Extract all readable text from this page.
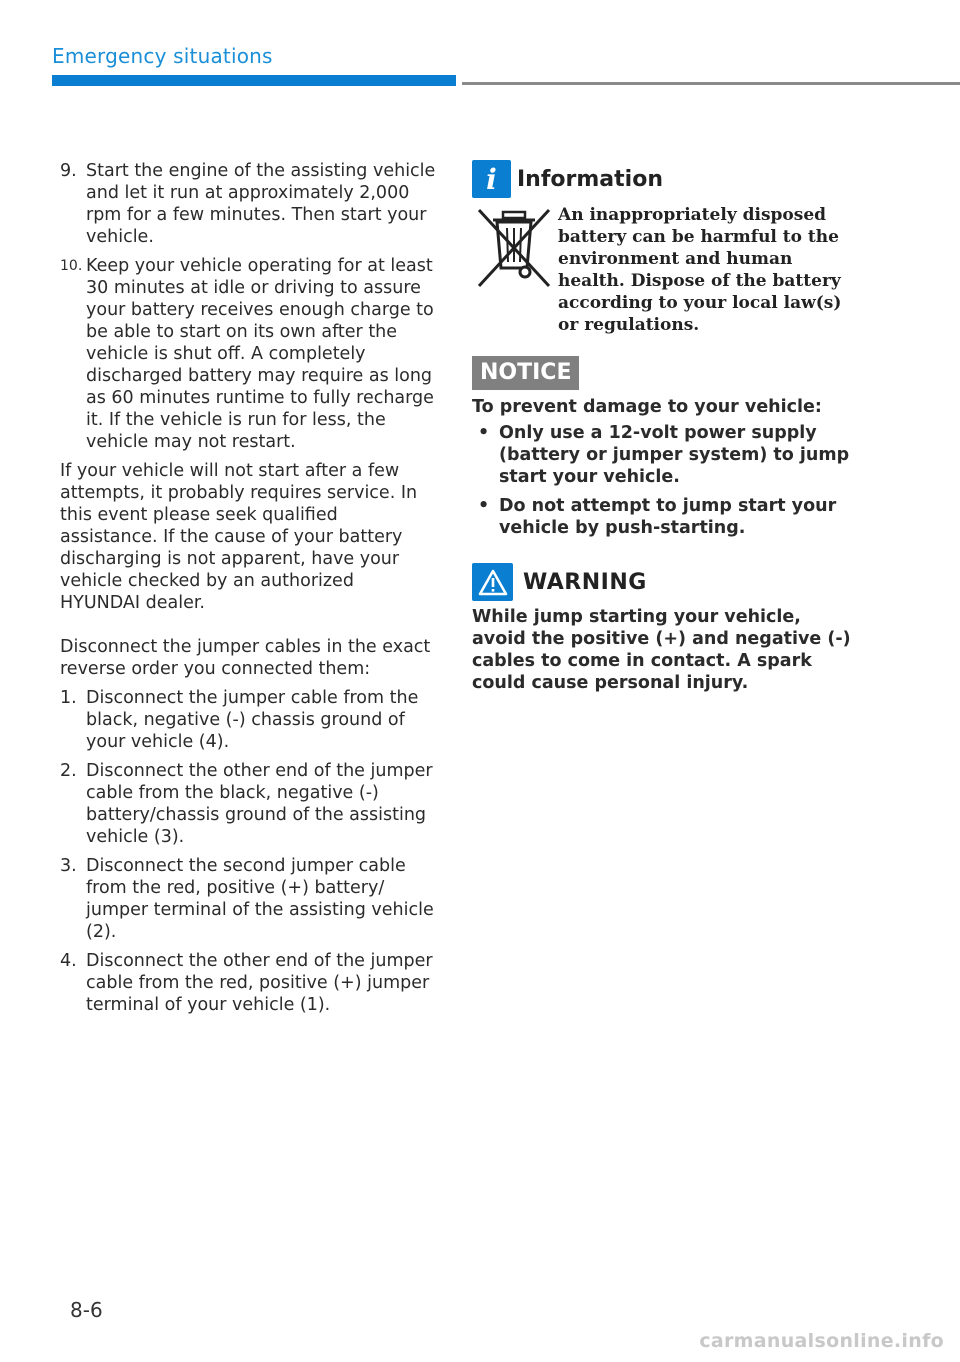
Emergency situations
9. Start the engine of the assisting vehicle and let it run at approximately 2,000 rpm for a few minutes. Then start your vehicle.
10. Keep your vehicle operating for at least 30 minutes at idle or driving to assure your battery receives enough charge to be able to start on its own after the vehicle is shut off. A completely discharged battery may require as long as 60 minutes runtime to fully recharge it. If the vehicle is run for less, the vehicle may not restart.

If your vehicle will not start after a few attempts, it probably requires service. In this event please seek qualified assistance. If the cause of your battery discharging is not apparent, have your vehicle checked by an authorized HYUNDAI dealer.

Disconnect the jumper cables in the exact reverse order you connected them:

1. Disconnect the jumper cable from the black, negative (-) chassis ground of your vehicle (4).
2. Disconnect the other end of the jumper cable from the black, negative (-) battery/chassis ground of the assisting vehicle (3).
3. Disconnect the second jumper cable from the red, positive (+) battery/ jumper terminal of the assisting vehicle (2).
4. Disconnect the other end of the jumper cable from the red, positive (+) jumper terminal of your vehicle (1).
i Information
An inappropriately disposed battery can be harmful to the environment and human health. Dispose of the battery according to your local law(s) or regulations.
NOTICE
To prevent damage to your vehicle:
• Only use a 12-volt power supply (battery or jumper system) to jump start your vehicle.
• Do not attempt to jump start your vehicle by push-starting.
WARNING
While jump starting your vehicle, avoid the positive (+) and negative (-) cables to come in contact. A spark could cause personal injury.
8-6
carmanualsonline.info
